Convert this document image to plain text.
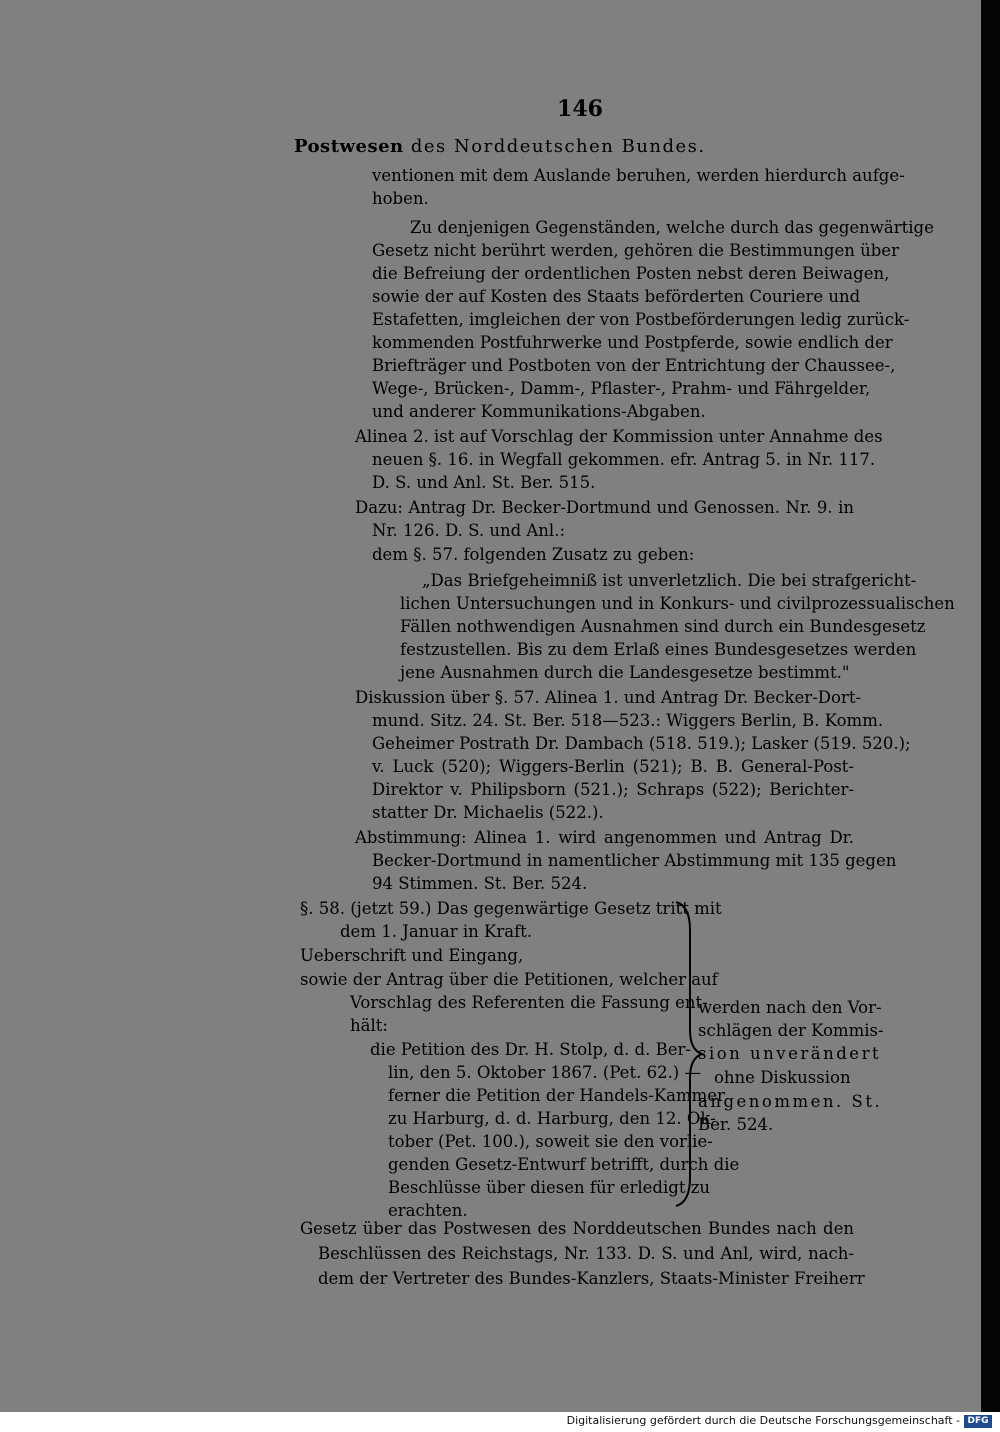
146
Postwesen des Norddeutschen Bundes.
ventionen mit dem Auslande beruhen, werden hierdurch aufge-
hoben.
Zu denjenigen Gegenständen, welche durch das gegenwärtige
Gesetz nicht berührt werden, gehören die Bestimmungen über
die Befreiung der ordentlichen Posten nebst deren Beiwagen,
sowie der auf Kosten des Staats beförderten Couriere und
Estafetten, imgleichen der von Postbeförderungen ledig zurück-
kommenden Postfuhrwerke und Postpferde, sowie endlich der
Briefträger und Postboten von der Entrichtung der Chaussee-,
Wege-, Brücken-, Damm-, Pflaster-, Prahm- und Fährgelder,
und anderer Kommunikations-Abgaben.
Alinea 2. ist auf Vorschlag der Kommission unter Annahme des
neuen §. 16. in Wegfall gekommen. efr. Antrag 5. in Nr. 117.
D. S. und Anl. St. Ber. 515.
Dazu: Antrag Dr. Becker-Dortmund und Genossen. Nr. 9. in
Nr. 126. D. S. und Anl.:
dem §. 57. folgenden Zusatz zu geben:
„Das Briefgeheimniß ist unverletzlich. Die bei strafgericht-
lichen Untersuchungen und in Konkurs- und civilprozessualischen
Fällen nothwendigen Ausnahmen sind durch ein Bundesgesetz
festzustellen. Bis zu dem Erlaß eines Bundesgesetzes werden
jene Ausnahmen durch die Landesgesetze bestimmt."
Diskussion über §. 57. Alinea 1. und Antrag Dr. Becker-Dort-
mund. Sitz. 24. St. Ber. 518—523.: Wiggers Berlin, B. Komm.
Geheimer Postrath Dr. Dambach (518. 519.); Lasker (519. 520.);
v. Luck (520); Wiggers-Berlin (521); B. B. General-Post-
Direktor v. Philipsborn (521.); Schraps (522); Berichter-
statter Dr. Michaelis (522.).
Abstimmung: Alinea 1. wird angenommen und Antrag Dr.
Becker-Dortmund in namentlicher Abstimmung mit 135 gegen
94 Stimmen. St. Ber. 524.
§. 58. (jetzt 59.) Das gegenwärtige Gesetz tritt mit
dem 1. Januar in Kraft.
Ueberschrift und Eingang,
sowie der Antrag über die Petitionen, welcher auf
Vorschlag des Referenten die Fassung ent-
hält:
die Petition des Dr. H. Stolp, d. d. Ber-
lin, den 5. Oktober 1867. (Pet. 62.) —
ferner die Petition der Handels-Kammer
zu Harburg, d. d. Harburg, den 12. Ok-
tober (Pet. 100.), soweit sie den vorlie-
genden Gesetz-Entwurf betrifft, durch die
Beschlüsse über diesen für erledigt zu
erachten.
werden nach den Vor-
schlägen der Kommis-
sion unverändert
ohne Diskussion
angenommen. St.
Ber. 524.
Gesetz über das Postwesen des Norddeutschen Bundes nach den
Beschlüssen des Reichstags, Nr. 133. D. S. und Anl, wird, nach-
dem der Vertreter des Bundes-Kanzlers, Staats-Minister Freiherr
Digitalisierung gefördert durch die Deutsche Forschungsgemeinschaft - DFG
